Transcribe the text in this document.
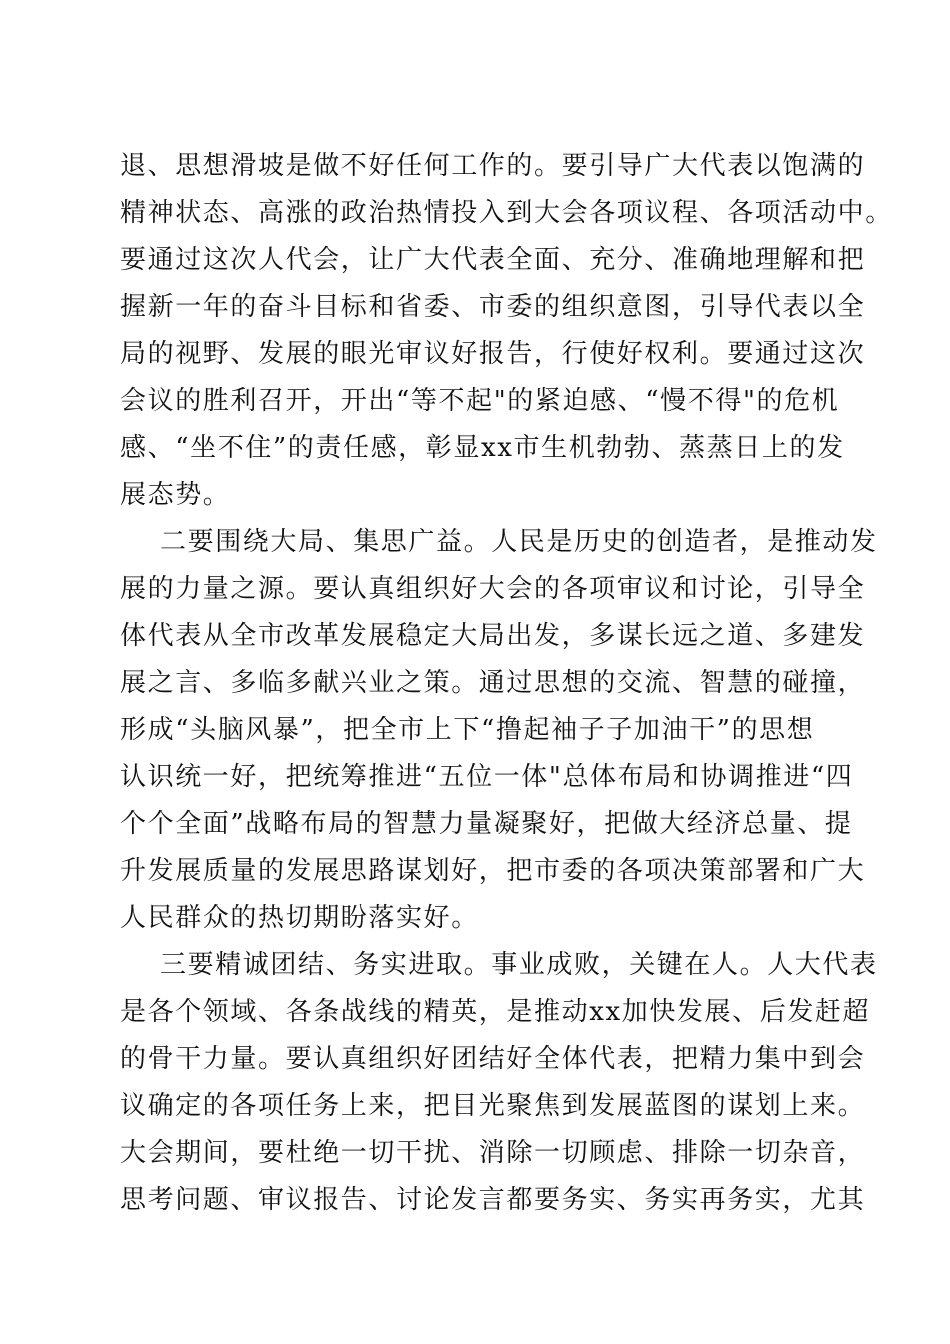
退、思想滑坡是做不好任何工作的。要引导广大代表以饱满的
精神状态、高涨的政治热情投入到大会各项议程、各项活动中。
要通过这次人代会，让广大代表全面、充分、准确地理解和把
握新一年的奋斗目标和省委、市委的组织意图，引导代表以全
局的视野、发展的眼光审议好报告，行使好权利。要通过这次
会议的胜利召开，开出“等不起"的紧迫感、“慢不得"的危机
感、“坐不住”的责任感，彰显xx市生机勃勃、蒸蒸日上的发
展态势。
二要围绕大局、集思广益。人民是历史的创造者，是推动发
展的力量之源。要认真组织好大会的各项审议和讨论，引导全
体代表从全市改革发展稳定大局出发，多谋长远之道、多建发
展之言、多临多献兴业之策。通过思想的交流、智慧的碰撞，
形成“头脑风暴”，把全市上下“撸起袖子子加油干”的思想
认识统一好，把统筹推进“五位一体"总体布局和协调推进“四
个个全面”战略布局的智慧力量凝聚好，把做大经济总量、提
升发展质量的发展思路谋划好，把市委的各项决策部署和广大
人民群众的热切期盼落实好。
三要精诚团结、务实进取。事业成败，关键在人。人大代表
是各个领域、各条战线的精英，是推动xx加快发展、后发赶超
的骨干力量。要认真组织好团结好全体代表，把精力集中到会
议确定的各项任务上来，把目光聚焦到发展蓝图的谋划上来。
大会期间，要杜绝一切干扰、消除一切顾虑、排除一切杂音，
思考问题、审议报告、讨论发言都要务实、务实再务实，尤其
